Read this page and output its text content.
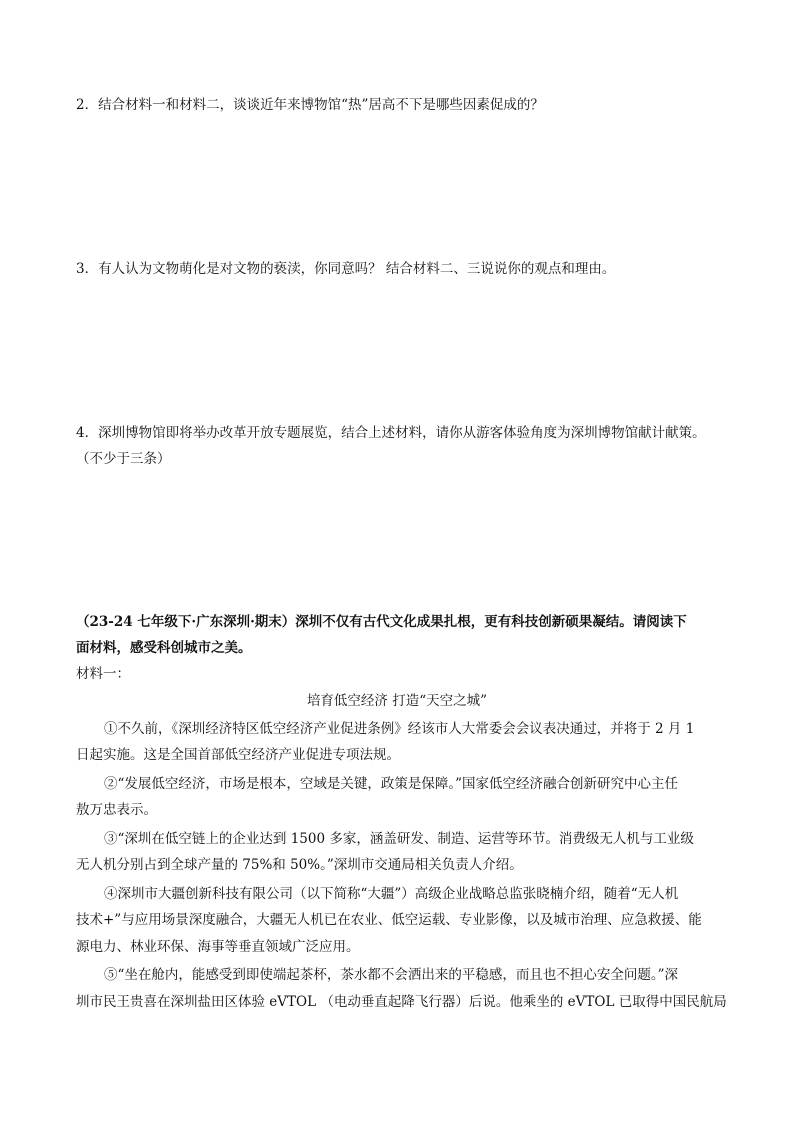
2．结合材料一和材料二，谈谈近年来博物馆“热”居高不下是哪些因素促成的？
3．有人认为文物萌化是对文物的亵渎，你同意吗？ 结合材料二、三说说你的观点和理由。
4．深圳博物馆即将举办改革开放专题展览，结合上述材料，请你从游客体验角度为深圳博物馆献计献策。
（不少于三条）
（23-24 七年级下·广东深圳·期末）深圳不仅有古代文化成果扎根，更有科技创新硕果凝结。请阅读下
面材料，感受科创城市之美。
材料一：
培育低空经济 打造“天空之城”
①不久前，《深圳经济特区低空经济产业促进条例》经该市人大常委会会议表决通过，并将于 2 月 1
日起实施。这是全国首部低空经济产业促进专项法规。
②“发展低空经济，市场是根本，空域是关键，政策是保障。”国家低空经济融合创新研究中心主任
敖万忠表示。
③“深圳在低空链上的企业达到 1500 多家，涵盖研发、制造、运营等环节。消费级无人机与工业级
无人机分别占到全球产量的 75%和 50%。”深圳市交通局相关负责人介绍。
④深圳市大疆创新科技有限公司（以下简称“大疆”）高级企业战略总监张晓楠介绍，随着“无人机
技术+”与应用场景深度融合，大疆无人机已在农业、低空运载、专业影像，以及城市治理、应急救援、能
源电力、林业环保、海事等垂直领域广泛应用。
⑤“坐在舱内，能感受到即使端起茶杯，茶水都不会洒出来的平稳感，而且也不担心安全问题。”深
圳市民王贵喜在深圳盐田区体验 eVTOL （电动垂直起降飞行器）后说。他乘坐的 eVTOL 已取得中国民航局
